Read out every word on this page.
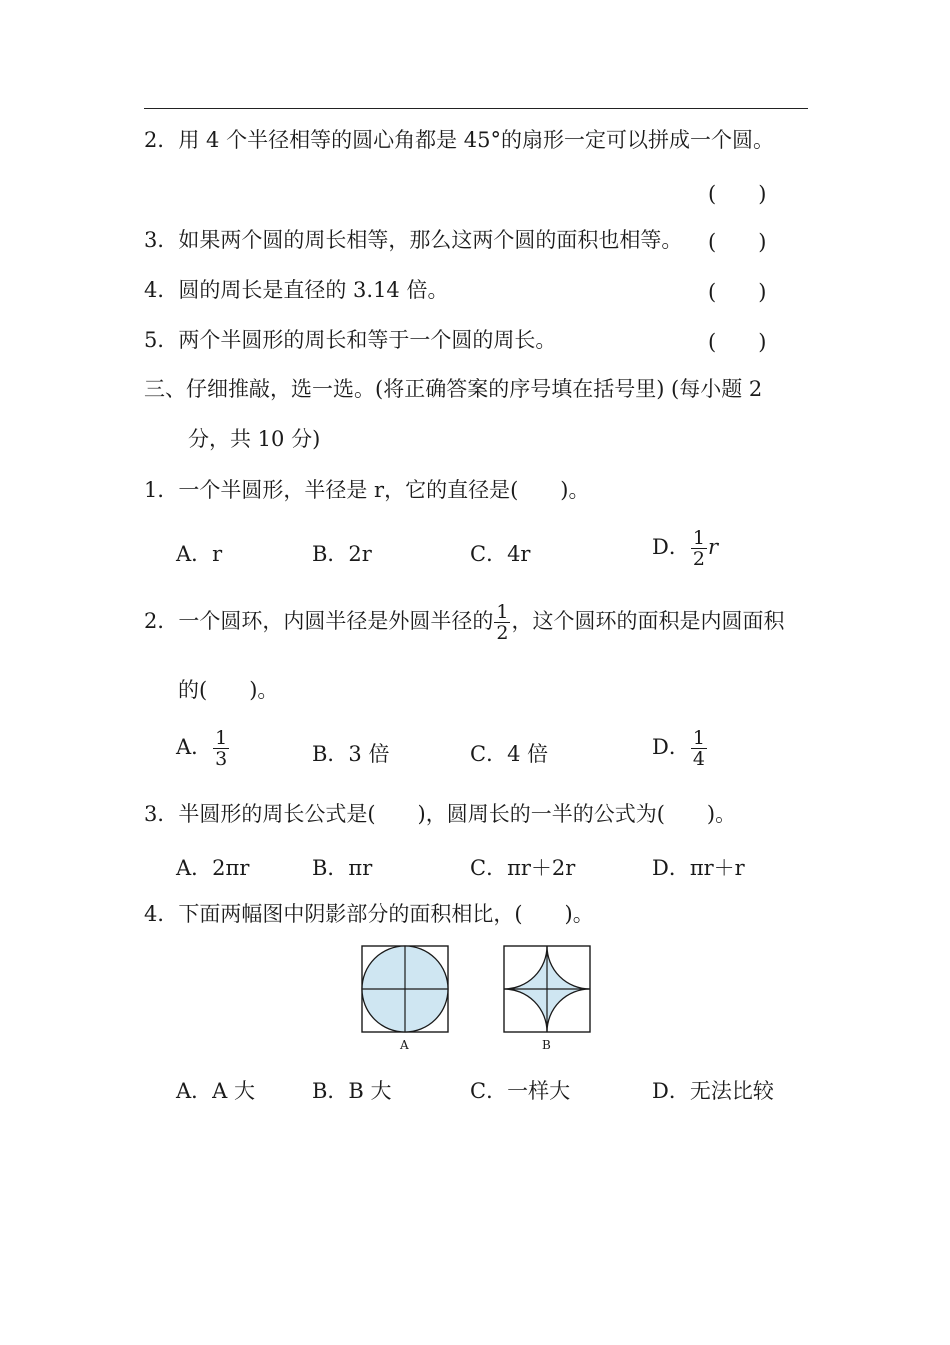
2．用 4 个半径相等的圆心角都是 45°的扇形一定可以拼成一个圆。
(　　)
3．如果两个圆的周长相等，那么这两个圆的面积也相等。 (　　)
4．圆的周长是直径的 3.14 倍。	(　　)
5．两个半圆形的周长和等于一个圆的周长。	(　　)
三、仔细推敲，选一选。(将正确答案的序号填在括号里) (每小题 2
分，共 10 分)
1．一个半圆形，半径是 r，它的直径是(　　)。
A．r	B．2r	C．4r	D． $\frac{1}{2}$ r
2．一个圆环，内圆半径是外圆半径的 $\frac{1}{2}$ ，这个圆环的面积是内圆面积
的(　　)。
A． $\frac{1}{3}$	B．3 倍	C．4 倍	D． $\frac{1}{4}$
3．半圆形的周长公式是(　　)，圆周长的一半的公式为(　　)。
A．2πr	B．πr	C．πr＋2r	D．πr＋r
4．下面两幅图中阴影部分的面积相比，(　　)。
A	B
A．A 大	B．B 大	C．一样大	D．无法比较
